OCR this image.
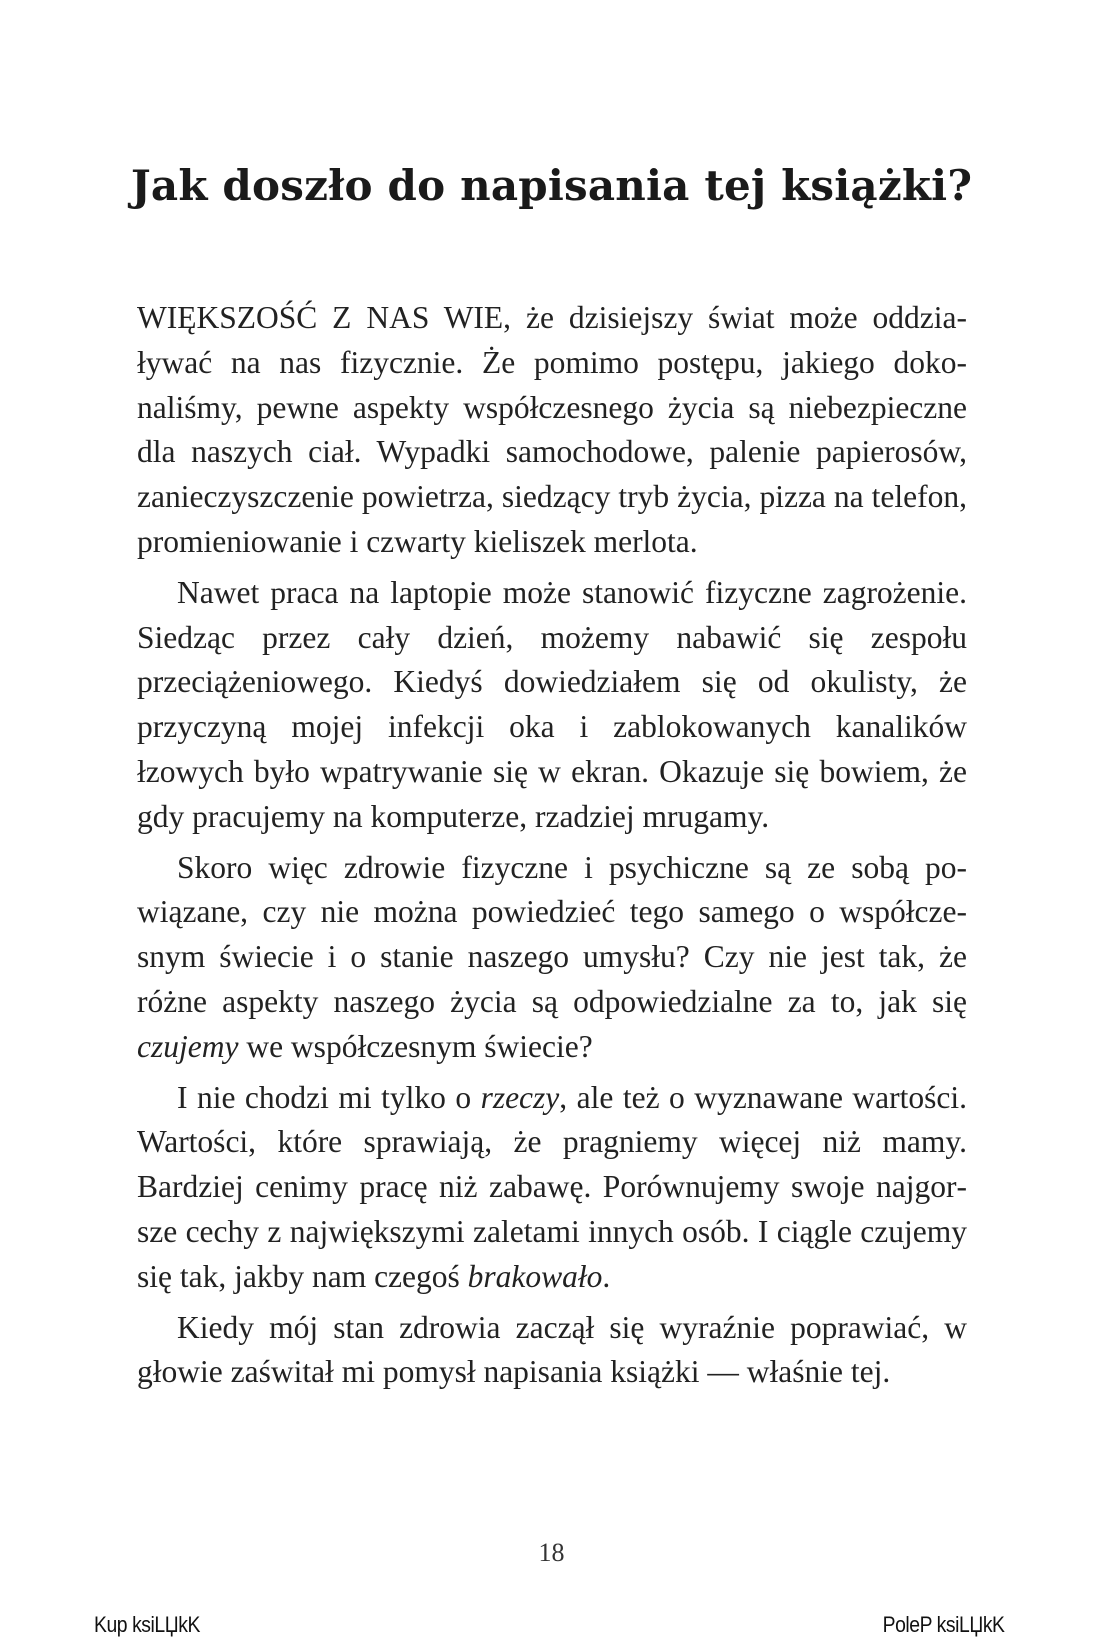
Jak doszło do napisania tej książki?

WIĘKSZOŚĆ Z NAS WIE, że dzisiejszy świat może oddziaływać na nas fizycznie. Że pomimo postępu, jakiego dokonaliśmy, pewne aspekty współczesnego życia są niebezpieczne dla naszych ciał. Wypadki samochodowe, palenie papierosów, zanieczyszczenie powietrza, siedzący tryb życia, pizza na telefon, promieniowanie i czwarty kieliszek merlota.

Nawet praca na laptopie może stanowić fizyczne zagrożenie. Siedząc przez cały dzień, możemy nabawić się zespołu przeciążeniowego. Kiedyś dowiedziałem się od okulisty, że przyczyną mojej infekcji oka i zablokowanych kanalików łzowych było wpatrywanie się w ekran. Okazuje się bowiem, że gdy pracujemy na komputerze, rzadziej mrugamy.

Skoro więc zdrowie fizyczne i psychiczne są ze sobą powiązane, czy nie można powiedzieć tego samego o współczesnym świecie i o stanie naszego umysłu? Czy nie jest tak, że różne aspekty naszego życia są odpowiedzialne za to, jak się czujemy we współczesnym świecie?

I nie chodzi mi tylko o rzeczy, ale też o wyznawane wartości. Wartości, które sprawiają, że pragniemy więcej niż mamy. Bardziej cenimy pracę niż zabawę. Porównujemy swoje najgorsze cechy z największymi zaletami innych osób. I ciągle czujemy się tak, jakby nam czegoś brakowało.

Kiedy mój stan zdrowia zaczął się wyraźnie poprawiać, w głowie zaświtał mi pomysł napisania książki — właśnie tej.

18
Kup ksiLЏkK	PoleP ksiLЏkK
